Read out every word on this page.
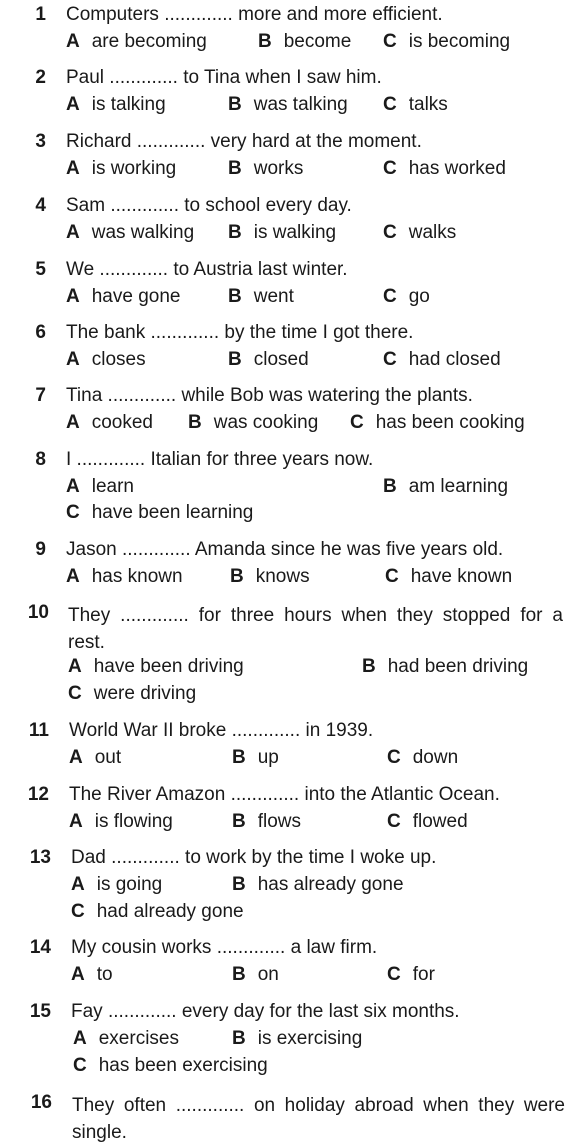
1 Computers ............. more and more efficient.
A are becoming	B become C is becoming
2 Paul ............. to Tina when I saw him.
A is talking	B was talking C talks
3 Richard ............. very hard at the moment.
A is working	B works	C has worked
4 Sam ............. to school every day.
A was walking B is walking C walks
5 We ............. to Austria last winter.
A have gone	B went	C go
6 The bank ............. by the time I got there.
A closes	B closed	C had closed
7 Tina ............. while Bob was watering the plants.
A cooked B was cooking C has been cooking
8 I ............. Italian for three years now.
A learn	B am learning
C have been learning
9 Jason ............. Amanda since he was five years old.
A has known B knows	C have known
10 They ............. for three hours when they stopped for a rest.
A have been driving	B had been driving
C were driving
11 World War II broke ............. in 1939.
A out	B up	C down
12 The River Amazon ............. into the Atlantic Ocean.
A is flowing	B flows	C flowed
13 Dad ............. to work by the time I woke up.
A is going	B has already gone
C had already gone
14 My cousin works ............. a law firm.
A to	B on	C for
15 Fay ............. every day for the last six months.
A exercises	B is exercising
C has been exercising
16 They often ............. on holiday abroad when they were single.
